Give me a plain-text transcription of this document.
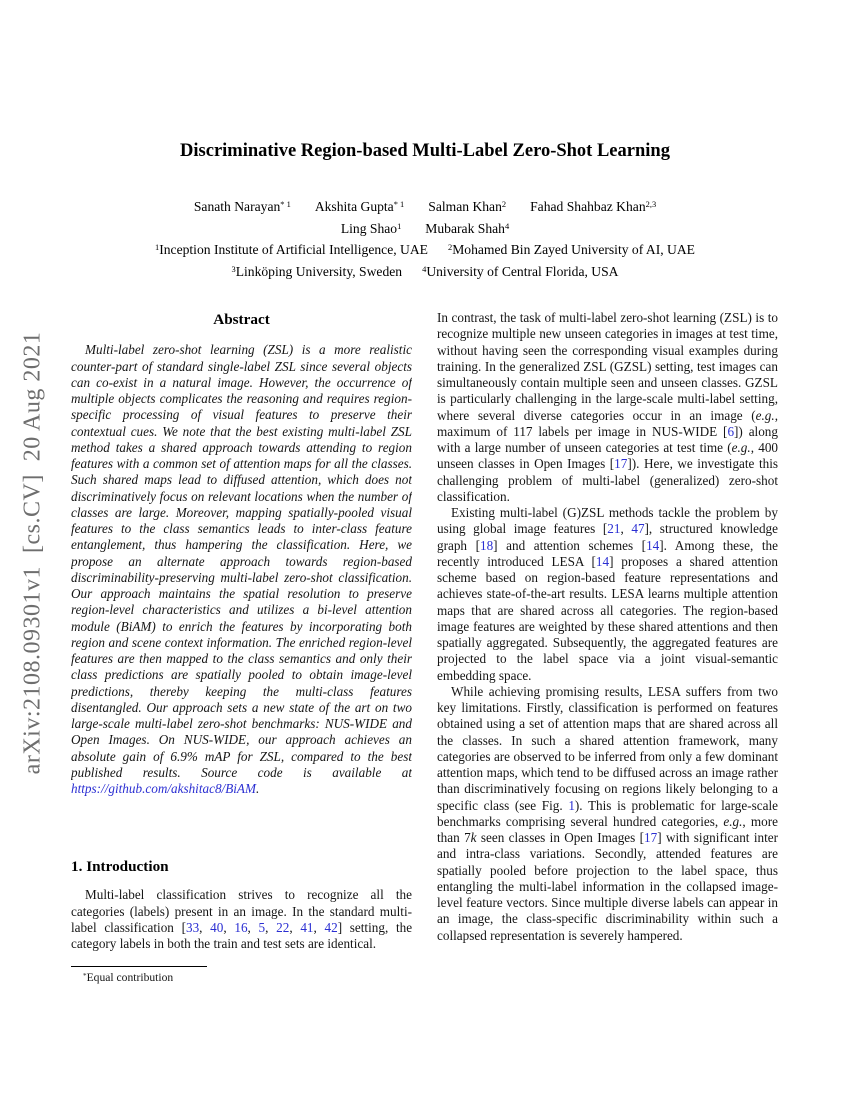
arXiv:2108.09301v1  [cs.CV]  20 Aug 2021
Discriminative Region-based Multi-Label Zero-Shot Learning
Sanath Narayan$^{* 1}$ Akshita Gupta$^{* 1}$ Salman Khan$^2$ Fahad Shahbaz Khan$^{2,3}$
Ling Shao$^1$ Mubarak Shah$^4$
$^1$Inception Institute of Artificial Intelligence, UAE $^2$Mohamed Bin Zayed University of AI, UAE
$^3$Linköping University, Sweden $^4$University of Central Florida, USA
Abstract

Multi-label zero-shot learning (ZSL) is a more realistic counter-part of standard single-label ZSL since several objects can co-exist in a natural image. However, the occurrence of multiple objects complicates the reasoning and requires region-specific processing of visual features to preserve their contextual cues. We note that the best existing multi-label ZSL method takes a shared approach towards attending to region features with a common set of attention maps for all the classes. Such shared maps lead to diffused attention, which does not discriminatively focus on relevant locations when the number of classes are large. Moreover, mapping spatially-pooled visual features to the class semantics leads to inter-class feature entanglement, thus hampering the classification. Here, we propose an alternate approach towards region-based discriminability-preserving multi-label zero-shot classification. Our approach maintains the spatial resolution to preserve region-level characteristics and utilizes a bi-level attention module (BiAM) to enrich the features by incorporating both region and scene context information. The enriched region-level features are then mapped to the class semantics and only their class predictions are spatially pooled to obtain image-level predictions, thereby keeping the multi-class features disentangled. Our approach sets a new state of the art on two large-scale multi-label zero-shot benchmarks: NUS-WIDE and Open Images. On NUS-WIDE, our approach achieves an absolute gain of 6.9% mAP for ZSL, compared to the best published results. Source code is available at https://github.com/akshitac8/BiAM.

1. Introduction

Multi-label classification strives to recognize all the categories (labels) present in an image. In the standard multi-label classification [33, 40, 16, 5, 22, 41, 42] setting, the category labels in both the train and test sets are identical.

*Equal contribution

In contrast, the task of multi-label zero-shot learning (ZSL) is to recognize multiple new unseen categories in images at test time, without having seen the corresponding visual examples during training. In the generalized ZSL (GZSL) setting, test images can simultaneously contain multiple seen and unseen classes. GZSL is particularly challenging in the large-scale multi-label setting, where several diverse categories occur in an image (e.g., maximum of 117 labels per image in NUS-WIDE [6]) along with a large number of unseen categories at test time (e.g., 400 unseen classes in Open Images [17]). Here, we investigate this challenging problem of multi-label (generalized) zero-shot classification.

Existing multi-label (G)ZSL methods tackle the problem by using global image features [21, 47], structured knowledge graph [18] and attention schemes [14]. Among these, the recently introduced LESA [14] proposes a shared attention scheme based on region-based feature representations and achieves state-of-the-art results. LESA learns multiple attention maps that are shared across all categories. The region-based image features are weighted by these shared attentions and then spatially aggregated. Subsequently, the aggregated features are projected to the label space via a joint visual-semantic embedding space.

While achieving promising results, LESA suffers from two key limitations. Firstly, classification is performed on features obtained using a set of attention maps that are shared across all the classes. In such a shared attention framework, many categories are observed to be inferred from only a few dominant attention maps, which tend to be diffused across an image rather than discriminatively focusing on regions likely belonging to a specific class (see Fig. 1). This is problematic for large-scale benchmarks comprising several hundred categories, e.g., more than 7k seen classes in Open Images [17] with significant inter and intra-class variations. Secondly, attended features are spatially pooled before projection to the label space, thus entangling the multi-label information in the collapsed image-level feature vectors. Since multiple diverse labels can appear in an image, the class-specific discriminability within such a collapsed representation is severely hampered.
